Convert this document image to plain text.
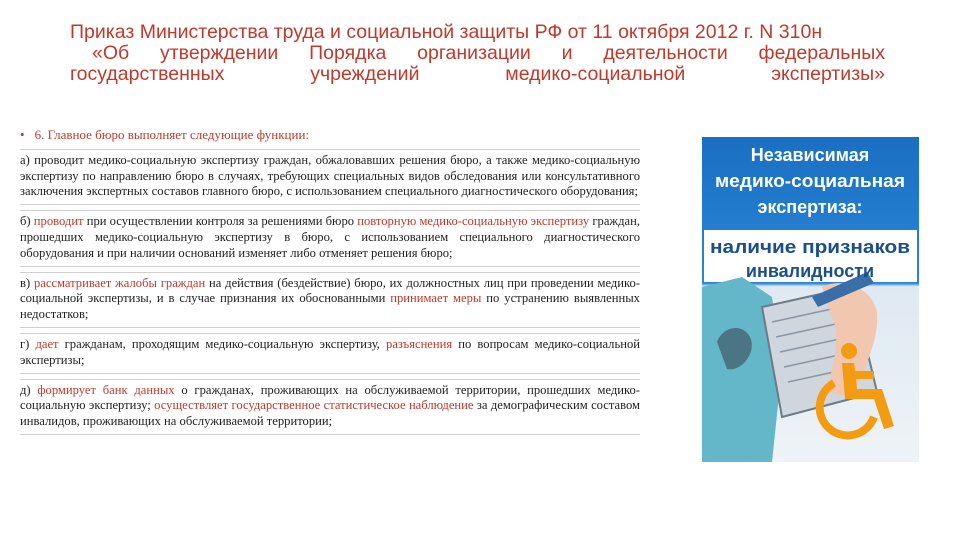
Приказ Министерства труда и социальной защиты РФ от 11 октября 2012 г. N 310н
«Об утверждении Порядка организации и деятельности федеральных
государственных учреждений медико-социальной экспертизы»
• 6. Главное бюро выполняет следующие функции:
а) проводит медико-социальную экспертизу граждан, обжаловавших решения бюро, а также медико-социальную экспертизу по направлению бюро в случаях, требующих специальных видов обследования или консультативного заключения экспертных составов главного бюро, с использованием специального диагностического оборудования;
б) проводит при осуществлении контроля за решениями бюро повторную медико-социальную экспертизу граждан, прошедших медико-социальную экспертизу в бюро, с использованием специального диагностического оборудования и при наличии оснований изменяет либо отменяет решения бюро;
в) рассматривает жалобы граждан на действия (бездействие) бюро, их должностных лиц при проведении медико-социальной экспертизы, и в случае признания их обоснованными принимает меры по устранению выявленных недостатков;
г) дает гражданам, проходящим медико-социальную экспертизу, разъяснения по вопросам медико-социальной экспертизы;
д) формирует банк данных о гражданах, проживающих на обслуживаемой территории, прошедших медико-социальную экспертизу; осуществляет государственное статистическое наблюдение за демографическим составом инвалидов, проживающих на обслуживаемой территории;
Независимая
медико-социальная
экспертиза:
наличие признаков
инвалидности
